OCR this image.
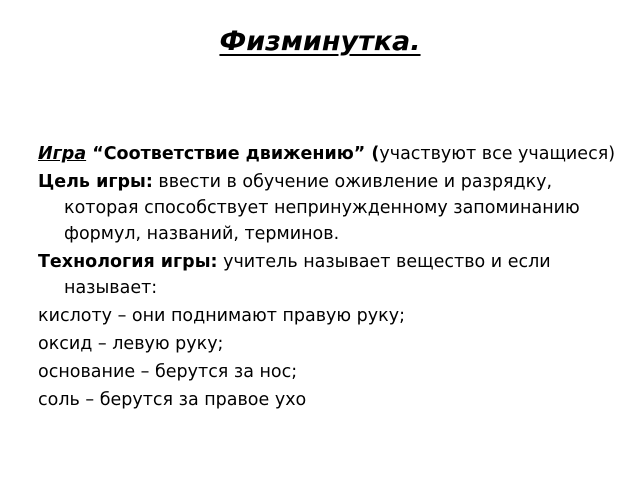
Физминутка.

Игра “Соответствие движению” (участвуют все учащиеся)

Цель игры: ввести в обучение оживление и разрядку, которая способствует непринужденному запоминанию формул, названий, терминов.

Технология игры: учитель называет вещество и если называет:

кислоту – они поднимают правую руку;

оксид – левую руку;

основание – берутся за нос;

соль – берутся за правое ухо
